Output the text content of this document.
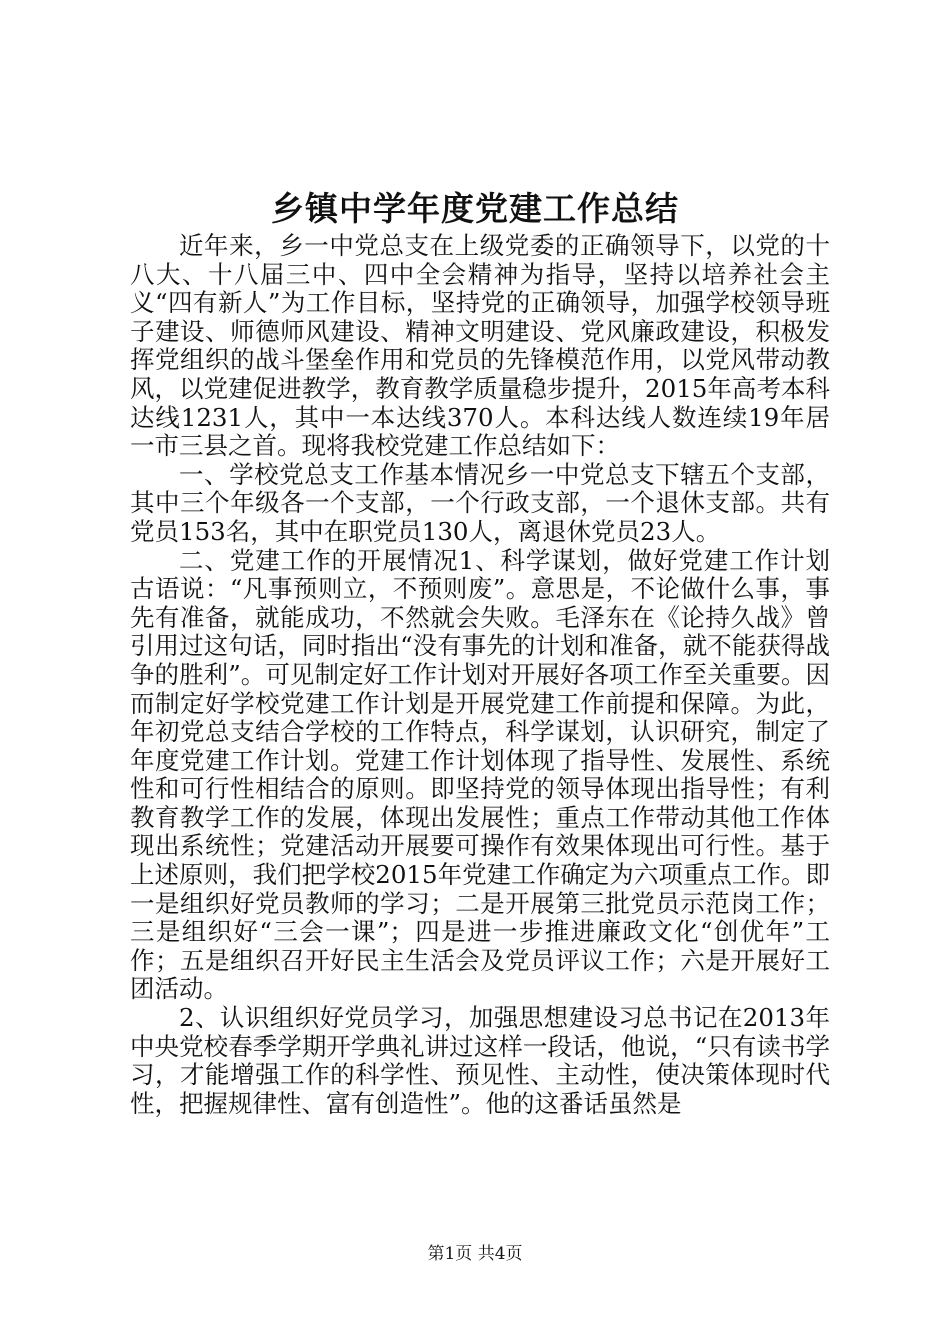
乡镇中学年度党建工作总结

近年来，乡一中党总支在上级党委的正确领导下，以党的十八大、十八届三中、四中全会精神为指导，坚持以培养社会主义“四有新人”为工作目标，坚持党的正确领导，加强学校领导班子建设、师德师风建设、精神文明建设、党风廉政建设，积极发挥党组织的战斗堡垒作用和党员的先锋模范作用，以党风带动教风，以党建促进教学，教育教学质量稳步提升，2015年高考本科达线1231人，其中一本达线370人。本科达线人数连续19年居一市三县之首。现将我校党建工作总结如下：

一、学校党总支工作基本情况乡一中党总支下辖五个支部，其中三个年级各一个支部，一个行政支部，一个退休支部。共有党员153名，其中在职党员130人，离退休党员23人。

二、党建工作的开展情况1、科学谋划，做好党建工作计划古语说：“凡事预则立，不预则废”。意思是，不论做什么事，事先有准备，就能成功，不然就会失败。毛泽东在《论持久战》曾引用过这句话，同时指出“没有事先的计划和准备，就不能获得战争的胜利”。可见制定好工作计划对开展好各项工作至关重要。因而制定好学校党建工作计划是开展党建工作前提和保障。为此，年初党总支结合学校的工作特点，科学谋划，认识研究，制定了年度党建工作计划。党建工作计划体现了指导性、发展性、系统性和可行性相结合的原则。即坚持党的领导体现出指导性；有利教育教学工作的发展，体现出发展性；重点工作带动其他工作体现出系统性；党建活动开展要可操作有效果体现出可行性。基于上述原则，我们把学校2015年党建工作确定为六项重点工作。即一是组织好党员教师的学习；二是开展第三批党员示范岗工作；三是组织好“三会一课”；四是进一步推进廉政文化“创优年”工作；五是组织召开好民主生活会及党员评议工作；六是开展好工团活动。

2、认识组织好党员学习，加强思想建设习总书记在2013年中央党校春季学期开学典礼讲过这样一段话，他说，“只有读书学习，才能增强工作的科学性、预见性、主动性，使决策体现时代性，把握规律性、富有创造性”。他的这番话虽然是

第1页 共4页
